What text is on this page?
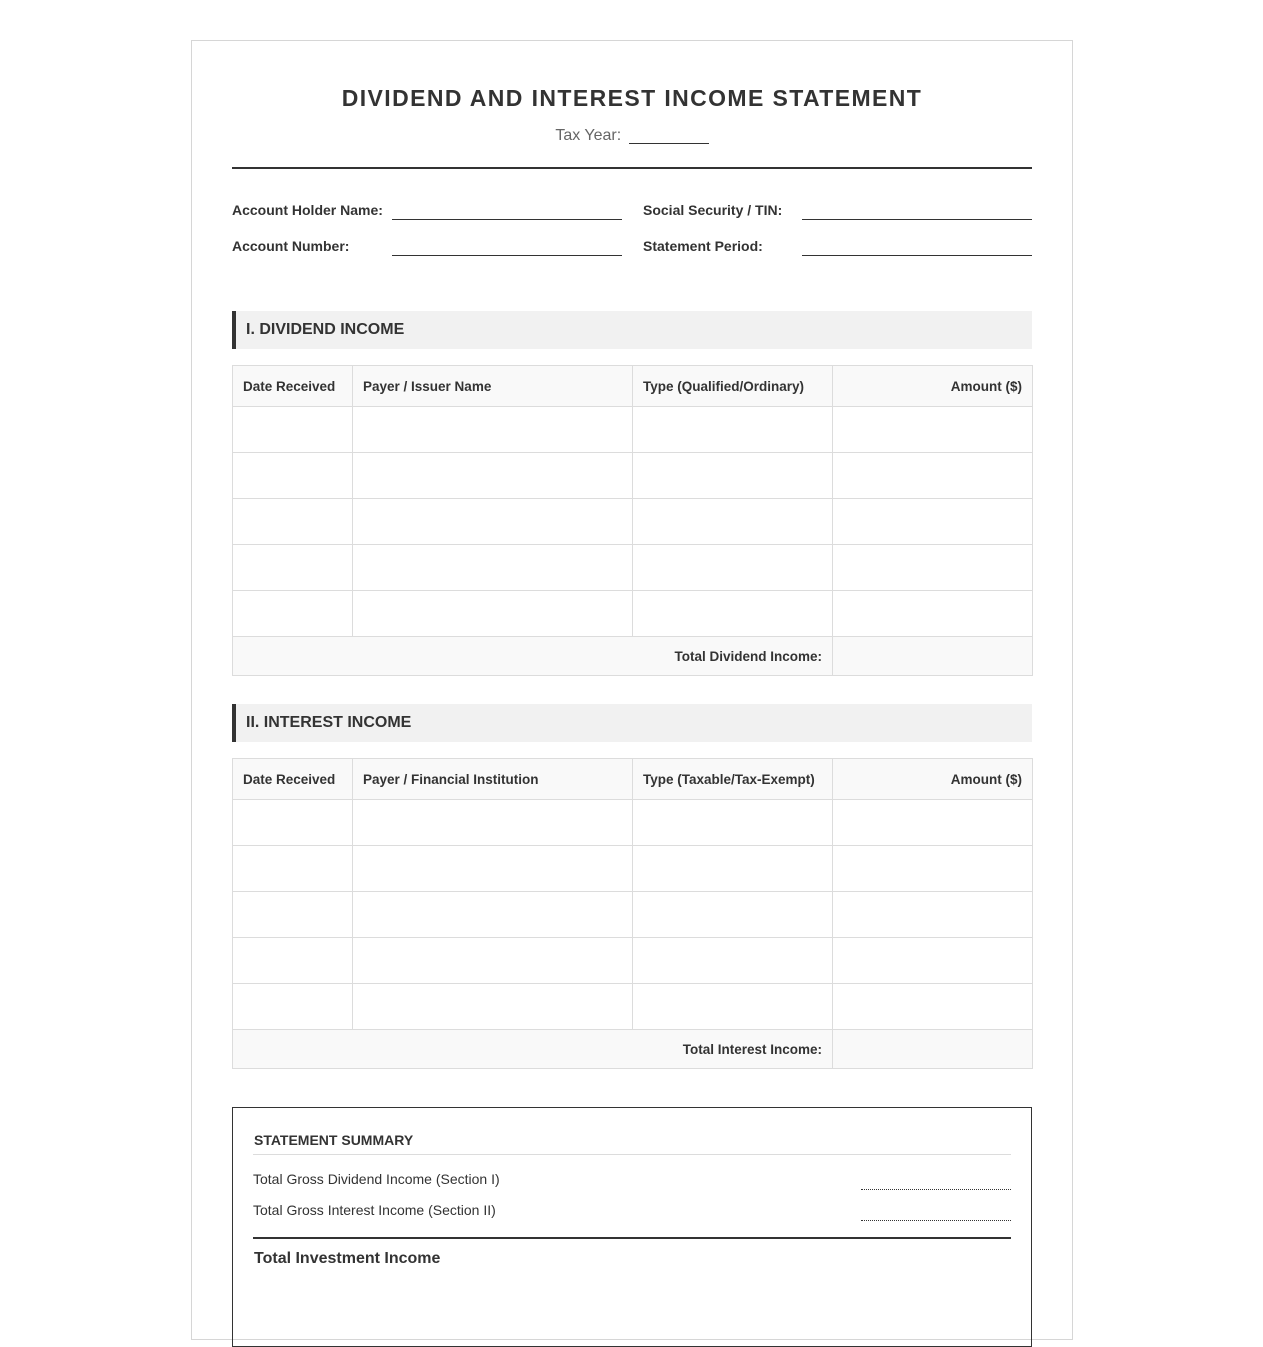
DIVIDEND AND INTEREST INCOME STATEMENT
Tax Year:
Account Holder Name:	Social Security / TIN:
Account Number:	Statement Period:
I. DIVIDEND INCOME
Date Received	Payer / Issuer Name	Type (Qualified/Ordinary)	Amount ($)

Total Dividend Income:			
II. INTEREST INCOME
Date Received	Payer / Financial Institution	Type (Taxable/Tax-Exempt)	Amount ($)

Total Interest Income:			
STATEMENT SUMMARY
Total Gross Dividend Income (Section I)
Total Gross Interest Income (Section II)
Total Investment Income
